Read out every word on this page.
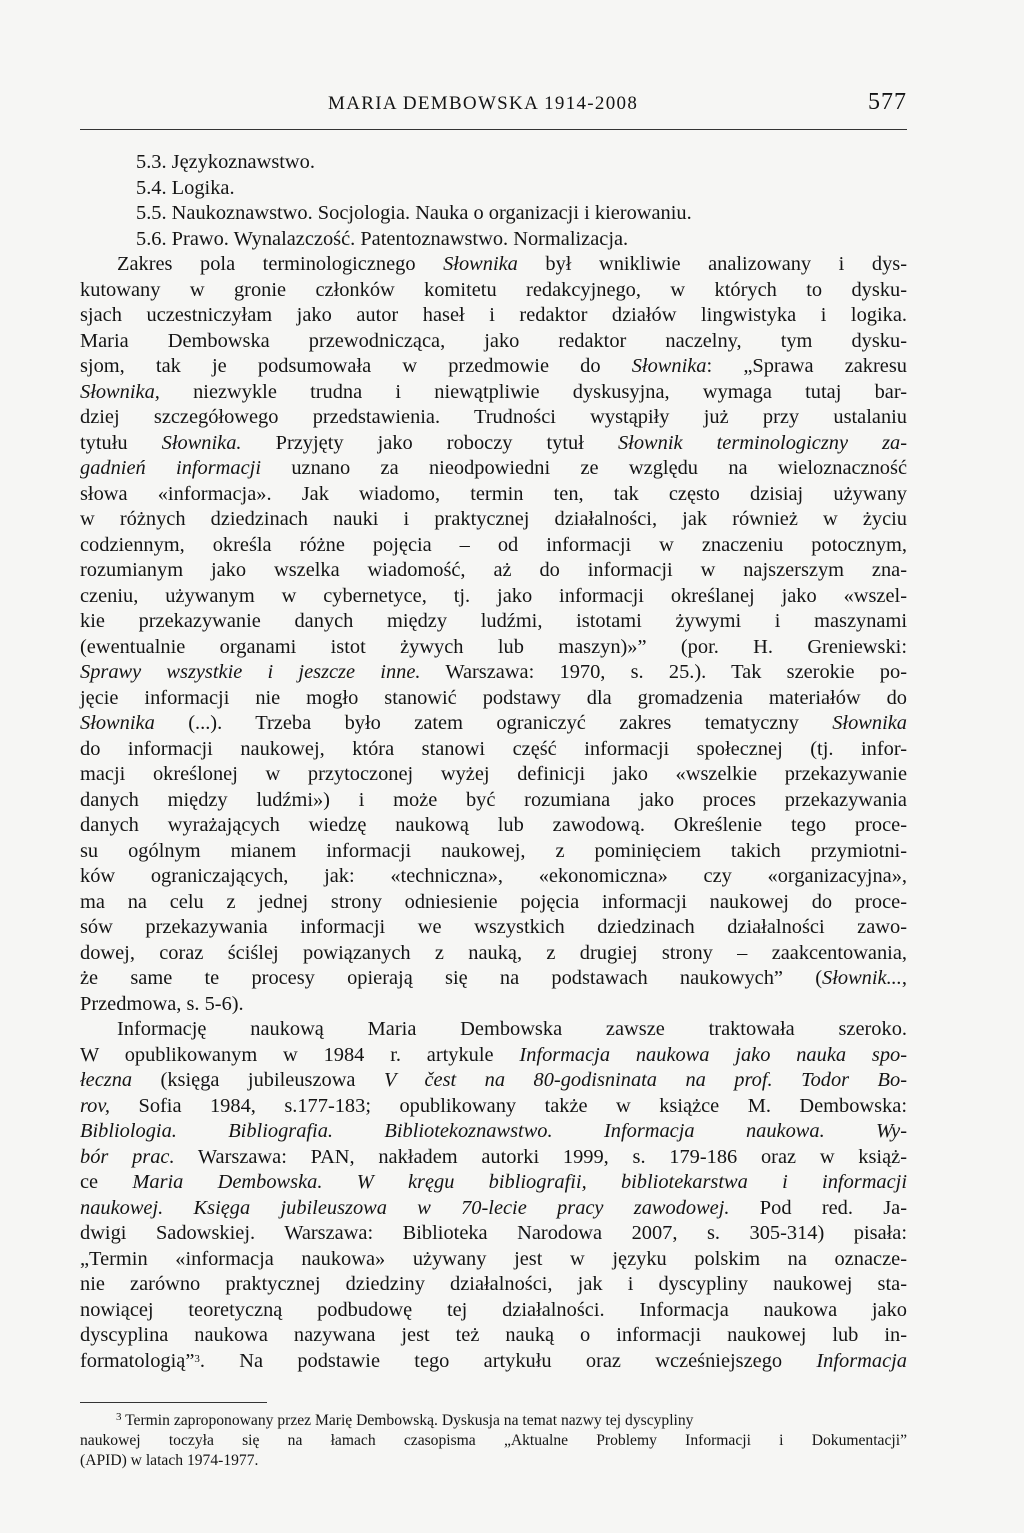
MARIA DEMBOWSKA 1914-2008	577
5.3. Językoznawstwo.
5.4. Logika.
5.5. Naukoznawstwo. Socjologia. Nauka o organizacji i kierowaniu.
5.6. Prawo. Wynalazczość. Patentoznawstwo. Normalizacja.
Zakres pola terminologicznego Słownika był wnikliwie analizowany i dys-
kutowany w gronie członków komitetu redakcyjnego, w których to dysku-
sjach uczestniczyłam jako autor haseł i redaktor działów lingwistyka i logika.
Maria Dembowska przewodnicząca, jako redaktor naczelny, tym dysku-
sjom, tak je podsumowała w przedmowie do Słownika: „Sprawa zakresu
Słownika, niezwykle trudna i niewątpliwie dyskusyjna, wymaga tutaj bar-
dziej szczegółowego przedstawienia. Trudności wystąpiły już przy ustalaniu
tytułu Słownika. Przyjęty jako roboczy tytuł Słownik terminologiczny za-
gadnień informacji uznano za nieodpowiedni ze względu na wieloznaczność
słowa «informacja». Jak wiadomo, termin ten, tak często dzisiaj używany
w różnych dziedzinach nauki i praktycznej działalności, jak również w życiu
codziennym, określa różne pojęcia – od informacji w znaczeniu potocznym,
rozumianym jako wszelka wiadomość, aż do informacji w najszerszym zna-
czeniu, używanym w cybernetyce, tj. jako informacji określanej jako «wszel-
kie przekazywanie danych między ludźmi, istotami żywymi i maszynami
(ewentualnie organami istot żywych lub maszyn)»” (por. H. Greniewski:
Sprawy wszystkie i jeszcze inne. Warszawa: 1970, s. 25.). Tak szerokie po-
jęcie informacji nie mogło stanowić podstawy dla gromadzenia materiałów do
Słownika (...). Trzeba było zatem ograniczyć zakres tematyczny Słownika
do informacji naukowej, która stanowi część informacji społecznej (tj. infor-
macji określonej w przytoczonej wyżej definicji jako «wszelkie przekazywanie
danych między ludźmi») i może być rozumiana jako proces przekazywania
danych wyrażających wiedzę naukową lub zawodową. Określenie tego proce-
su ogólnym mianem informacji naukowej, z pominięciem takich przymiotni-
ków ograniczających, jak: «techniczna», «ekonomiczna» czy «organizacyjna»,
ma na celu z jednej strony odniesienie pojęcia informacji naukowej do proce-
sów przekazywania informacji we wszystkich dziedzinach działalności zawo-
dowej, coraz ściślej powiązanych z nauką, z drugiej strony – zaakcentowania,
że same te procesy opierają się na podstawach naukowych” (Słownik...,
Przedmowa, s. 5-6).
Informację naukową Maria Dembowska zawsze traktowała szeroko.
W opublikowanym w 1984 r. artykule Informacja naukowa jako nauka spo-
łeczna (księga jubileuszowa V čest na 80-godisninata na prof. Todor Bo-
rov, Sofia 1984, s.177-183; opublikowany także w książce M. Dembowska:
Bibliologia. Bibliografia. Bibliotekoznawstwo. Informacja naukowa. Wy-
bór prac. Warszawa: PAN, nakładem autorki 1999, s. 179-186 oraz w książ-
ce Maria Dembowska. W kręgu bibliografii, bibliotekarstwa i informacji
naukowej. Księga jubileuszowa w 70-lecie pracy zawodowej. Pod red. Ja-
dwigi Sadowskiej. Warszawa: Biblioteka Narodowa 2007, s. 305-314) pisała:
„Termin «informacja naukowa» używany jest w języku polskim na oznacze-
nie zarówno praktycznej dziedziny działalności, jak i dyscypliny naukowej sta-
nowiącej teoretyczną podbudowę tej działalności. Informacja naukowa jako
dyscyplina naukowa nazywana jest też nauką o informacji naukowej lub in-
formatologią”$^3$. Na podstawie tego artykułu oraz wcześniejszego Informacja
$^3$ Termin zaproponowany przez Marię Dembowską. Dyskusja na temat nazwy tej dyscypliny
naukowej toczyła się na łamach czasopisma „Aktualne Problemy Informacji i Dokumentacji”
(APID) w latach 1974-1977.
